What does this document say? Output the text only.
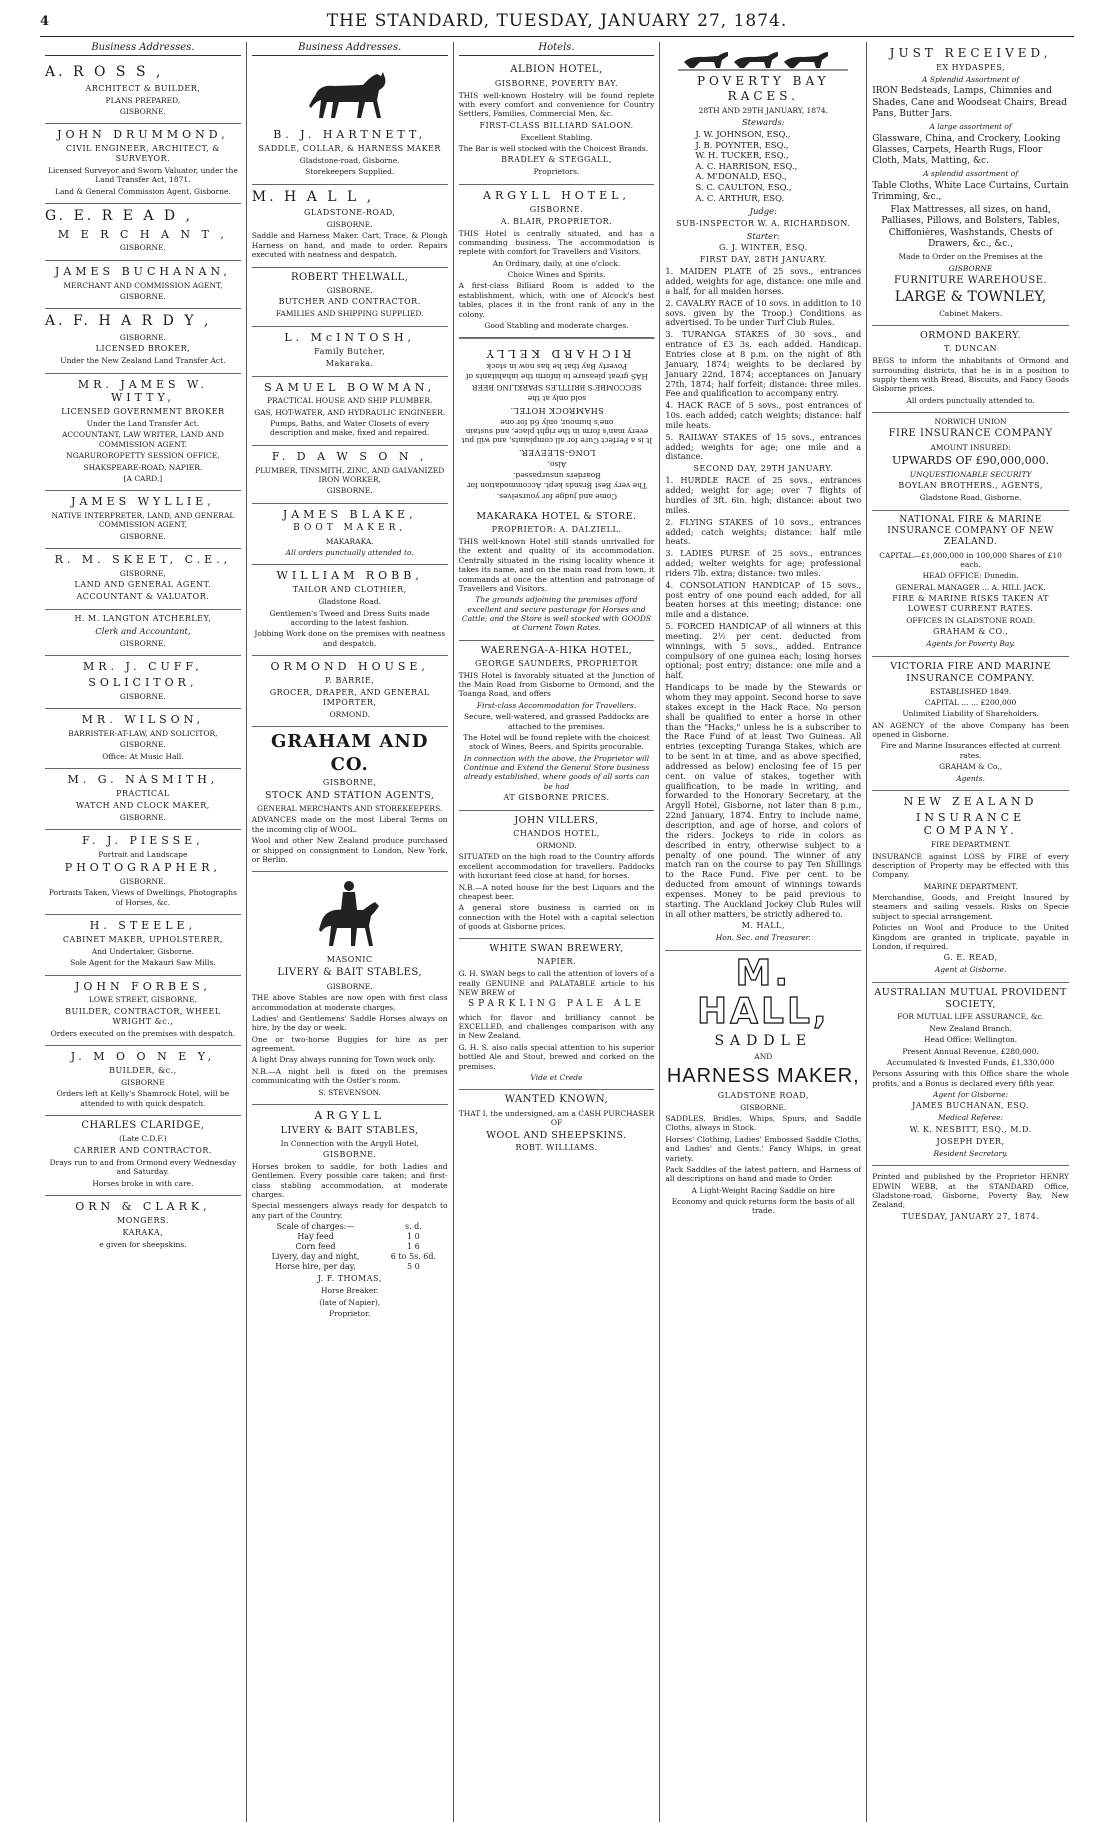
4	THE STANDARD, TUESDAY, JANUARY 27, 1874.
Business Addresses.
A. R O S S ,

ARCHITECT & BUILDER,

PLANS PREPARED,

GISBORNE.

JOHN DRUMMOND,

CIVIL ENGINEER, ARCHITECT, & SURVEYOR.

Licensed Surveyor and Sworn Valuator, under the Land Transfer Act, 1871.

Land & General Commission Agent, Gisborne.

G. E. R E A D ,

M E R C H A N T ,

GISBORNE.

JAMES BUCHANAN,

MERCHANT AND COMMISSION AGENT,

GISBORNE.

A. F. H A R D Y ,

GISBORNE.

LICENSED BROKER,

Under the New Zealand Land Transfer Act.

MR. JAMES W. WITTY,

LICENSED GOVERNMENT BROKER

Under the Land Transfer Act.

ACCOUNTANT, LAW WRITER, LAND AND COMMISSION AGENT.

NGARUROROPETTY SESSION OFFICE,

SHAKSPEARE-ROAD, NAPIER.

[A CARD.]

JAMES WYLLIE,

NATIVE INTERPRETER, LAND, AND GENERAL COMMISSION AGENT,

GISBORNE.

R. M. SKEET, C.E.,

GISBORNE,

LAND AND GENERAL AGENT.

ACCOUNTANT & VALUATOR.

H. M. LANGTON ATCHERLEY,

Clerk and Accountant,

GISBORNE.

MR. J. CUFF,

SOLICITOR,

GISBORNE.

MR. WILSON,

BARRISTER-AT-LAW, AND SOLICITOR,

GISBORNE.

Office: At Music Hall.

M. G. NASMITH,

PRACTICAL

WATCH AND CLOCK MAKER,

GISBORNE.

F. J. PIESSE,

Portrait and Landscape

PHOTOGRAPHER,

GISBORNE.

Portraits Taken, Views of Dwellings, Photographs of Horses, &c.

H. STEELE,

CABINET MAKER, UPHOLSTERER,

And Undertaker, Gisborne.

Sole Agent for the Makauri Saw Mills.

JOHN FORBES,

LOWE STREET, GISBORNE,

BUILDER, CONTRACTOR, WHEEL WRIGHT &c.,

Orders executed on the premises with despatch.

J. M O O N E Y,

BUILDER, &c.,

GISBORNE

Orders left at Kelly's Shamrock Hotel, will be attended to with quick despatch.

CHARLES CLARIDGE,

(Late C.D.F.)

CARRIER AND CONTRACTOR.

Drays run to and from Ormond every Wednesday and Saturday.

Horses broke in with care.

ORN & CLARK,

MONGERS.

KARAKA,

e given for sheepskins.

Business Addresses.
B. J. HARTNETT,

SADDLE, COLLAR, & HARNESS MAKER

Gladstone-road, Gisborne.

Storekeepers Supplied.

M. H A L L ,

GLADSTONE-ROAD,

GISBORNE.

Saddle and Harness Maker. Cart, Trace, & Plough Harness on hand, and made to order. Repairs executed with neatness and despatch.

ROBERT THELWALL,

GISBORNE.

BUTCHER AND CONTRACTOR.

FAMILIES AND SHIPPING SUPPLIED.

L. McINTOSH,

Family Butcher,

Makaraka.

SAMUEL BOWMAN,

PRACTICAL HOUSE AND SHIP PLUMBER.

GAS, HOT-WATER, AND HYDRAULIC ENGINEER.

Pumps, Baths, and Water Closets of every description and make, fixed and repaired.

F. D A W S O N ,

PLUMBER, TINSMITH, ZINC, AND GALVANIZED IRON WORKER,

GISBORNE.

JAMES BLAKE,

BOOT MAKER,

MAKARAKA.

All orders punctually attended to.

WILLIAM ROBB,

TAILOR AND CLOTHIER,

Gladstone Road.

Gentlemen's Tweed and Dress Suits made according to the latest fashion.

Jobbing Work done on the premises with neatness and despatch.

ORMOND HOUSE,

P. BARRIE,

GROCER, DRAPER, AND GENERAL IMPORTER,

ORMOND.

GRAHAM AND CO.

GISBORNE,

STOCK AND STATION AGENTS,

GENERAL MERCHANTS AND STOREKEEPERS.

ADVANCES made on the most Liberal Terms on the incoming clip of WOOL.

Wool and other New Zealand produce purchased or shipped on consignment to London, New York, or Berlin.

MASONIC

LIVERY & BAIT STABLES,

GISBORNE.

THE above Stables are now open with first class accommodation at moderate charges.

Ladies' and Gentlemens' Saddle Horses always on hire, by the day or week.

One or two-horse Buggies for hire as per agreement.

A light Dray always running for Town work only.

N.B.—A night bell is fixed on the premises communicating with the Ostler's room.

S. STEVENSON.

ARGYLL

LIVERY & BAIT STABLES,

In Connection with the Argyll Hotel,

GISBORNE.

Horses broken to saddle, for both Ladies and Gentlemen. Every possible care taken; and first-class stabling accommodation, at moderate charges.

Special messengers always ready for despatch to any part of the Country.

Scale of charges:—	s. d.
Hay feed	1 0
Corn feed	1 6
Livery, day and night,	6 to 5s. 6d.
Horse hire, per day,	5 0

J. F. THOMAS,

Horse Breaker.

(late of Napier),

Proprietor.

Hotels.
ALBION HOTEL,

GISBORNE, POVERTY BAY.

THIS well-known Hostelry will be found replete with every comfort and convenience for Country Settlers, Families, Commercial Men, &c.

FIRST-CLASS BILLIARD SALOON.

Excellent Stabling.

The Bar is well stocked with the Choicest Brands.

BRADLEY & STEGGALL,

Proprietors.

ARGYLL HOTEL,

GISBORNE.

A. BLAIR, PROPRIETOR.

THIS Hotel is centrally situated, and has a commanding business. The accommodation is replete with comfort for Travellers and Visitors.

An Ordinary, daily, at one o'clock.

Choice Wines and Spirits.

A first-class Billiard Room is added to the establishment, which, with one of Alcock's best tables, places it in the front rank of any in the colony.

Good Stabling and moderate charges.

Come and judge for yourselves.

The very Best Brands kept. Accommodation for Boarders unsurpassed.

Also,

LONG-SLEEVER.

It is a Perfect Cure for all complaints, and will put every man's form in the right place, and sustain one's humour, only 6d for one

SHAMROCK HOTEL.

sold only at the

SECCOMBE'S BRITTLES SPARKLING BEER

HAS great pleasure to inform the inhabitants of Poverty Bay that he has now in stock

RICHARD KELLY

MAKARAKA HOTEL & STORE.

PROPRIETOR: A. DALZIELL.

THIS well-known Hotel still stands unrivalled for the extent and quality of its accommodation. Centrally situated in the rising locality whence it takes its name, and on the main road from town, it commands at once the attention and patronage of Travellers and Visitors.

The grounds adjoining the premises afford excellent and secure pasturage for Horses and Cattle; and the Store is well stocked with GOODS at Current Town Rates.

WAERENGA-A-HIKA HOTEL,

GEORGE SAUNDERS, PROPRIETOR

THIS Hotel is favorably situated at the Junction of the Main Road from Gisborne to Ormond, and the Toanga Road, and offers

First-class Accommodation for Travellers.

Secure, well-watered, and grassed Paddocks are attached to the premises.

The Hotel will be found replete with the choicest stock of Wines, Beers, and Spirits procurable.

In connection with the above, the Proprietor will Continue and Extend the General Store business already established, where goods of all sorts can be had

AT GISBORNE PRICES.

JOHN VILLERS,

CHANDOS HOTEL,

ORMOND.

SITUATED on the high road to the Country affords excellent accommodation for travellers. Paddocks with luxuriant feed close at hand, for horses.

N.B.—A noted house for the best Liquors and the cheapest beer.

A general store business is carried on in connection with the Hotel with a capital selection of goods at Gisborne prices.

WHITE SWAN BREWERY,

NAPIER.

G. H. SWAN begs to call the attention of lovers of a really GENUINE and PALATABLE article to his NEW BREW of

SPARKLING PALE ALE

which for flavor and brilliancy cannot be EXCELLED, and challenges comparison with any in New Zealand.

G. H. S. also calls special attention to his superior bottled Ale and Stout, brewed and corked on the premises.

Vide et Crede

WANTED KNOWN,

THAT I, the undersigned, am a CASH PURCHASER OF

WOOL AND SHEEPSKINS.

ROBT. WILLIAMS.

POVERTY BAY RACES.

28TH AND 29TH JANUARY, 1874.

Stewards:

J. W. JOHNSON, ESQ.,
J. B. POYNTER, ESQ.,
W. H. TUCKER, ESQ.,
A. C. HARRISON, ESQ.,
A. M'DONALD, ESQ.,
S. C. CAULTON, ESQ.,
A. C. ARTHUR, ESQ.

Judge:

SUB-INSPECTOR W. A. RICHARDSON.

Starter:

G. J. WINTER, ESQ.

FIRST DAY, 28TH JANUARY.

1. MAIDEN PLATE of 25 sovs., entrances added, weights for age, distance: one mile and a half, for all maiden horses.

2. CAVALRY RACE of 10 sovs. in addition to 10 sovs. given by the Troop.) Conditions as advertised. To be under Turf Club Rules.

3. TURANGA STAKES of 30 sovs., and entrance of £3 3s. each added. Handicap. Entries close at 8 p.m. on the night of 8th January, 1874; weights to be declared by January 22nd, 1874; acceptances on January 27th, 1874; half forfeit; distance: three miles. Fee and qualification to accompany entry.

4. HACK RACE of 5 sovs., post entrances of 10s. each added; catch weights; distance: half mile heats.

5. RAILWAY STAKES of 15 sovs., entrances added; weights for age; one mile and a distance.

SECOND DAY, 29TH JANUARY.

1. HURDLE RACE of 25 sovs., entrances added; weight for age; over 7 flights of hurdles of 3ft. 6in. high; distance: about two miles.

2. FLYING STAKES of 10 sovs., entrances added; catch weights; distance: half mile heats.

3. LADIES PURSE of 25 sovs., entrances added; welter weights for age; professional riders 7lb. extra; distance: two miles.

4. CONSOLATION HANDICAP of 15 sovs., post entry of one pound each added, for all beaten horses at this meeting; distance: one mile and a distance.

5. FORCED HANDICAP of all winners at this meeting. 2½ per cent. deducted from winnings, with 5 sovs., added. Entrance compulsory of one guinea each; losing horses optional; post entry; distance: one mile and a half.

Handicaps to be made by the Stewards or whom they may appoint. Second horse to save stakes except in the Hack Race. No person shall be qualified to enter a horse in other than the "Hacks," unless he is a subscriber to the Race Fund of at least Two Guineas. All entries (excepting Turanga Stakes, which are to be sent in at time, and as above specified, addressed as below) enclosing fee of 15 per cent. on value of stakes, together with qualification, to be made in writing, and forwarded to the Honorary Secretary, at the Argyll Hotel, Gisborne, not later than 8 p.m., 22nd January, 1874. Entry to include name, description, and age of horse, and colors of the riders. Jockeys to ride in colors as described in entry, otherwise subject to a penalty of one pound. The winner of any match ran on the course to pay Ten Shillings to the Race Fund. Five per cent. to be deducted from amount of winnings towards expenses. Money to be paid previous to starting. The Auckland Jockey Club Rules will in all other matters, be strictly adhered to.

M. HALL,

Hon. Sec. and Treasurer.

M. HALL,

SADDLE

AND

HARNESS MAKER,

GLADSTONE ROAD,

GISBORNE.

SADDLES, Bridles, Whips, Spurs, and Saddle Cloths, always in Stock.

Horses' Clothing, Ladies' Embossed Saddle Cloths, and Ladies' and Gents.' Fancy Whips, in great variety.

Pack Saddles of the latest pattern, and Harness of all descriptions on hand and made to Order.

A Light-Weight Racing Saddle on hire

Economy and quick returns form the basis of all trade.

JUST RECEIVED,

EX HYDASPES,

A Splendid Assortment of

IRON Bedsteads, Lamps, Chimnies and Shades, Cane and Woodseat Chairs, Bread Pans, Butter Jars.

A large assortment of

Glassware, China, and Crockery, Looking Glasses, Carpets, Hearth Rugs, Floor Cloth, Mats, Matting, &c.

A splendid assortment of

Table Cloths, White Lace Curtains, Curtain Trimming, &c.,

Flax Mattresses, all sizes, on hand, Palliases, Pillows, and Bolsters, Tables, Chiffonières, Washstands, Chests of Drawers, &c., &c.,

Made to Order on the Premises at the

GISBORNE

FURNITURE WAREHOUSE.

LARGE & TOWNLEY,

Cabinet Makers.

ORMOND BAKERY.

T. DUNCAN

BEGS to inform the inhabitants of Ormond and surrounding districts, that he is in a position to supply them with Bread, Biscuits, and Fancy Goods Gisborne prices.

All orders punctually attended to.

NORWICH UNION

FIRE INSURANCE COMPANY

AMOUNT INSURED:

UPWARDS OF £90,000,000.

UNQUESTIONABLE SECURITY

BOYLAN BROTHERS., AGENTS,

Gladstone Road, Gisborne.

NATIONAL FIRE & MARINE INSURANCE COMPANY OF NEW ZEALAND.

CAPITAL—£1,000,000 in 100,000 Shares of £10 each.

HEAD OFFICE: Dunedin.

GENERAL MANAGER ... A. HILL JACK.

FIRE & MARINE RISKS TAKEN AT LOWEST CURRENT RATES.

OFFICES IN GLADSTONE ROAD.

GRAHAM & CO.,

Agents for Poverty Bay.

VICTORIA FIRE AND MARINE INSURANCE COMPANY.

ESTABLISHED 1849.

CAPITAL ... ... £200,000

Unlimited Liability of Shareholders.

AN AGENCY of the above Company has been opened in Gisborne.

Fire and Marine Insurances effected at current rates.

GRAHAM & Co.,

Agents.

NEW ZEALAND

INSURANCE COMPANY.

FIRE DEPARTMENT.

INSURANCE against LOSS by FIRE of every description of Property may be effected with this Company.

MARINE DEPARTMENT.

Merchandise, Goods, and Freight Insured by steamers and sailing vessels. Risks on Specie subject to special arrangement.

Policies on Wool and Produce to the United Kingdom are granted in triplicate, payable in London, if required.

G. E. READ,

Agent at Gisborne.

AUSTRALIAN MUTUAL PROVIDENT SOCIETY,

FOR MUTUAL LIFE ASSURANCE, &c.

New Zealand Branch.

Head Office: Wellington.

Present Annual Revenue, £280,000.

Accumulated & Invested Funds, £1,330,000

Persons Assuring with this Office share the whole profits, and a Bonus is declared every fifth year.

Agent for Gisborne:

JAMES BUCHANAN, ESQ.

Medical Referee:

W. K. NESBITT, ESQ., M.D.

JOSEPH DYER,

Resident Secretary.

Printed and published by the Proprietor HENRY EDWIN WEBB, at the STANDARD Office, Gladstone-road, Gisborne, Poverty Bay, New Zealand,

TUESDAY, JANUARY 27, 1874.
